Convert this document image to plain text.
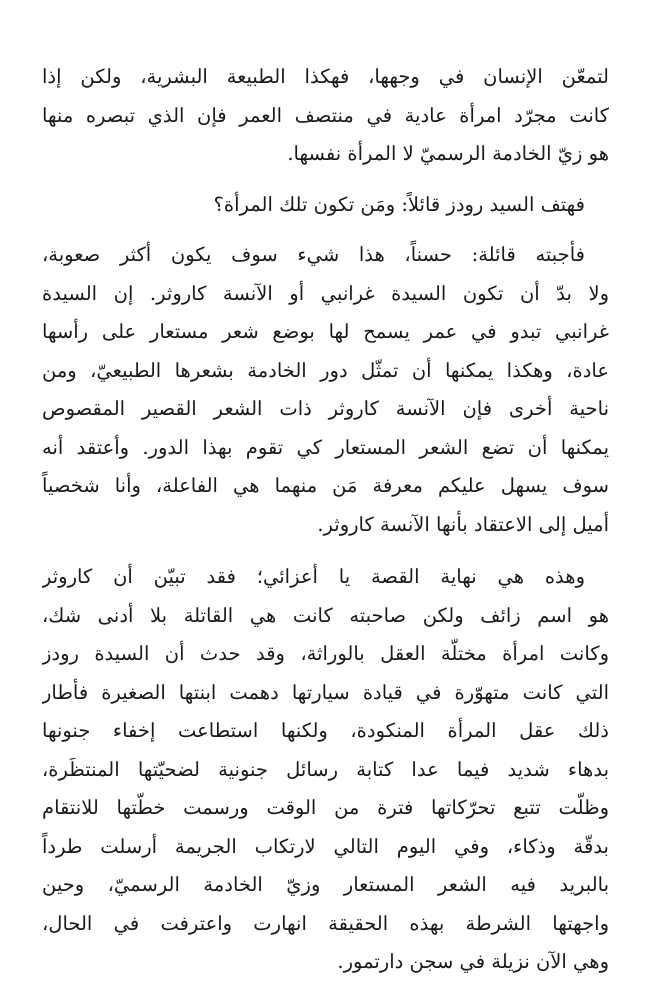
لتمعّن الإنسان في وجهها، فهكذا الطبيعة البشرية، ولكن إذا
كانت مجرّد امرأة عادية في منتصف العمر فإن الذي تبصره منها
هو زيّ الخادمة الرسميّ لا المرأة نفسها.
فهتف السيد رودز قائلاً: ومَن تكون تلك المرأة؟
فأجبته قائلة: حسناً، هذا شيء سوف يكون أكثر صعوبة،
ولا بدّ أن تكون السيدة غرانبي أو الآنسة كاروثر. إن السيدة
غرانبي تبدو في عمر يسمح لها بوضع شعر مستعار على رأسها
عادة، وهكذا يمكنها أن تمثّل دور الخادمة بشعرها الطبيعيّ، ومن
ناحية أخرى فإن الآنسة كاروثر ذات الشعر القصير المقصوص
يمكنها أن تضع الشعر المستعار كي تقوم بهذا الدور. وأعتقد أنه
سوف يسهل عليكم معرفة مَن منهما هي الفاعلة، وأنا شخصياً
أميل إلى الاعتقاد بأنها الآنسة كاروثر.
وهذه هي نهاية القصة يا أعزائي؛ فقد تبيّن أن كاروثر
هو اسم زائف ولكن صاحبته كانت هي القاتلة بلا أدنى شك،
وكانت امرأة مختلّة العقل بالوراثة، وقد حدث أن السيدة رودز
التي كانت متهوّرة في قيادة سيارتها دهمت ابنتها الصغيرة فأطار
ذلك عقل المرأة المنكودة، ولكنها استطاعت إخفاء جنونها
بدهاء شديد فيما عدا كتابة رسائل جنونية لضحيّتها المنتظَرة،
وظلّت تتبع تحرّكاتها فترة من الوقت ورسمت خطّتها للانتقام
بدقّة وذكاء، وفي اليوم التالي لارتكاب الجريمة أرسلت طرداً
بالبريد فيه الشعر المستعار وزيّ الخادمة الرسميّ، وحين
واجهتها الشرطة بهذه الحقيقة انهارت واعترفت في الحال،
وهي الآن نزيلة في سجن دارتمور.
